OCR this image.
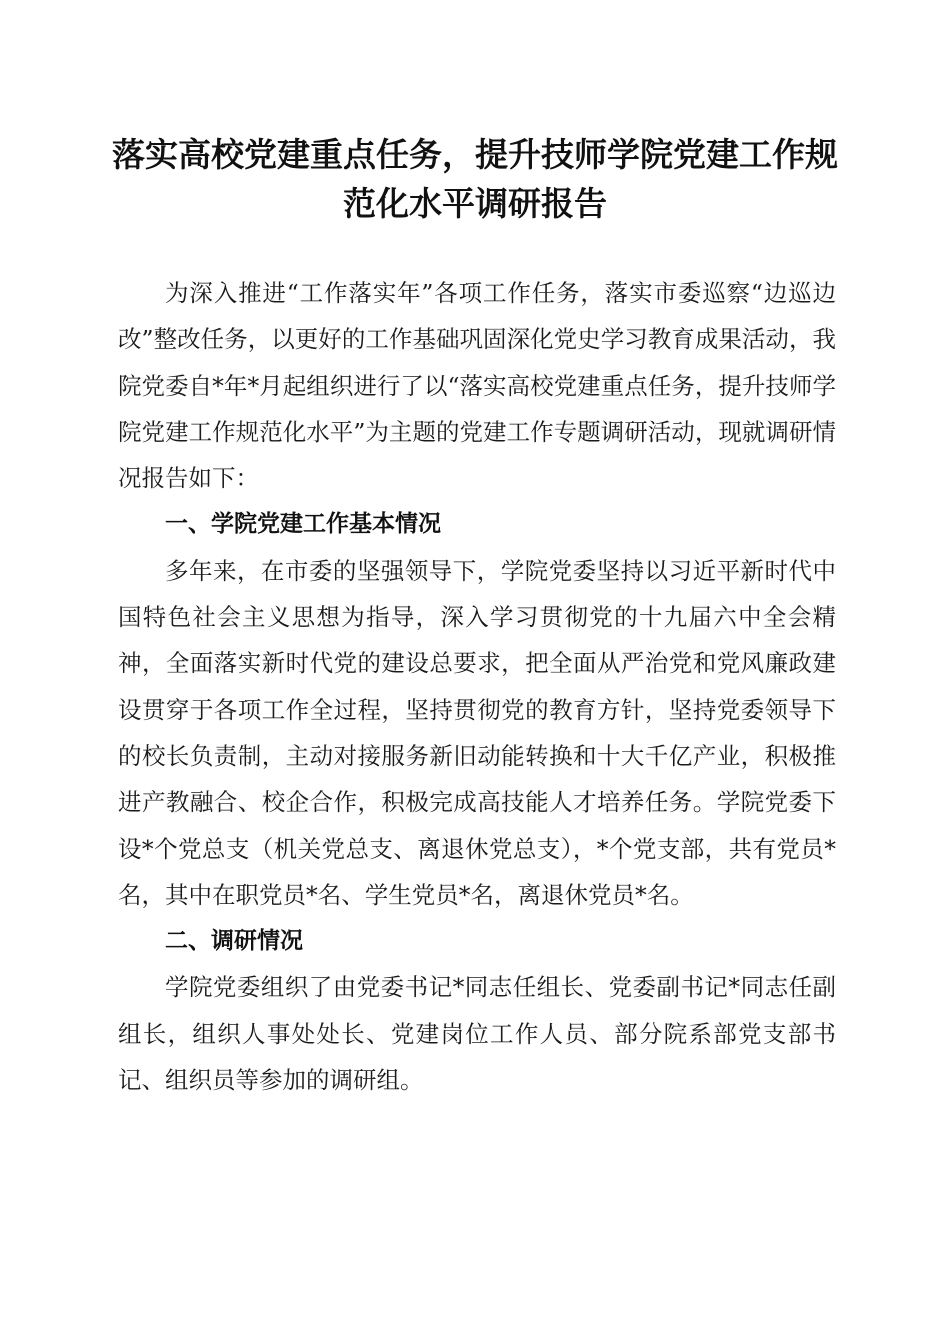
落实高校党建重点任务，提升技师学院党建工作规范化水平调研报告

为深入推进“工作落实年”各项工作任务，落实市委巡察“边巡边改”整改任务，以更好的工作基础巩固深化党史学习教育成果活动，我院党委自*年*月起组织进行了以“落实高校党建重点任务，提升技师学院党建工作规范化水平”为主题的党建工作专题调研活动，现就调研情况报告如下：

一、学院党建工作基本情况

多年来，在市委的坚强领导下，学院党委坚持以习近平新时代中国特色社会主义思想为指导，深入学习贯彻党的十九届六中全会精神，全面落实新时代党的建设总要求，把全面从严治党和党风廉政建设贯穿于各项工作全过程，坚持贯彻党的教育方针，坚持党委领导下的校长负责制，主动对接服务新旧动能转换和十大千亿产业，积极推进产教融合、校企合作，积极完成高技能人才培养任务。学院党委下设*个党总支（机关党总支、离退休党总支），*个党支部，共有党员*名，其中在职党员*名、学生党员*名，离退休党员*名。

二、调研情况

学院党委组织了由党委书记*同志任组长、党委副书记*同志任副组长，组织人事处处长、党建岗位工作人员、部分院系部党支部书记、组织员等参加的调研组。
